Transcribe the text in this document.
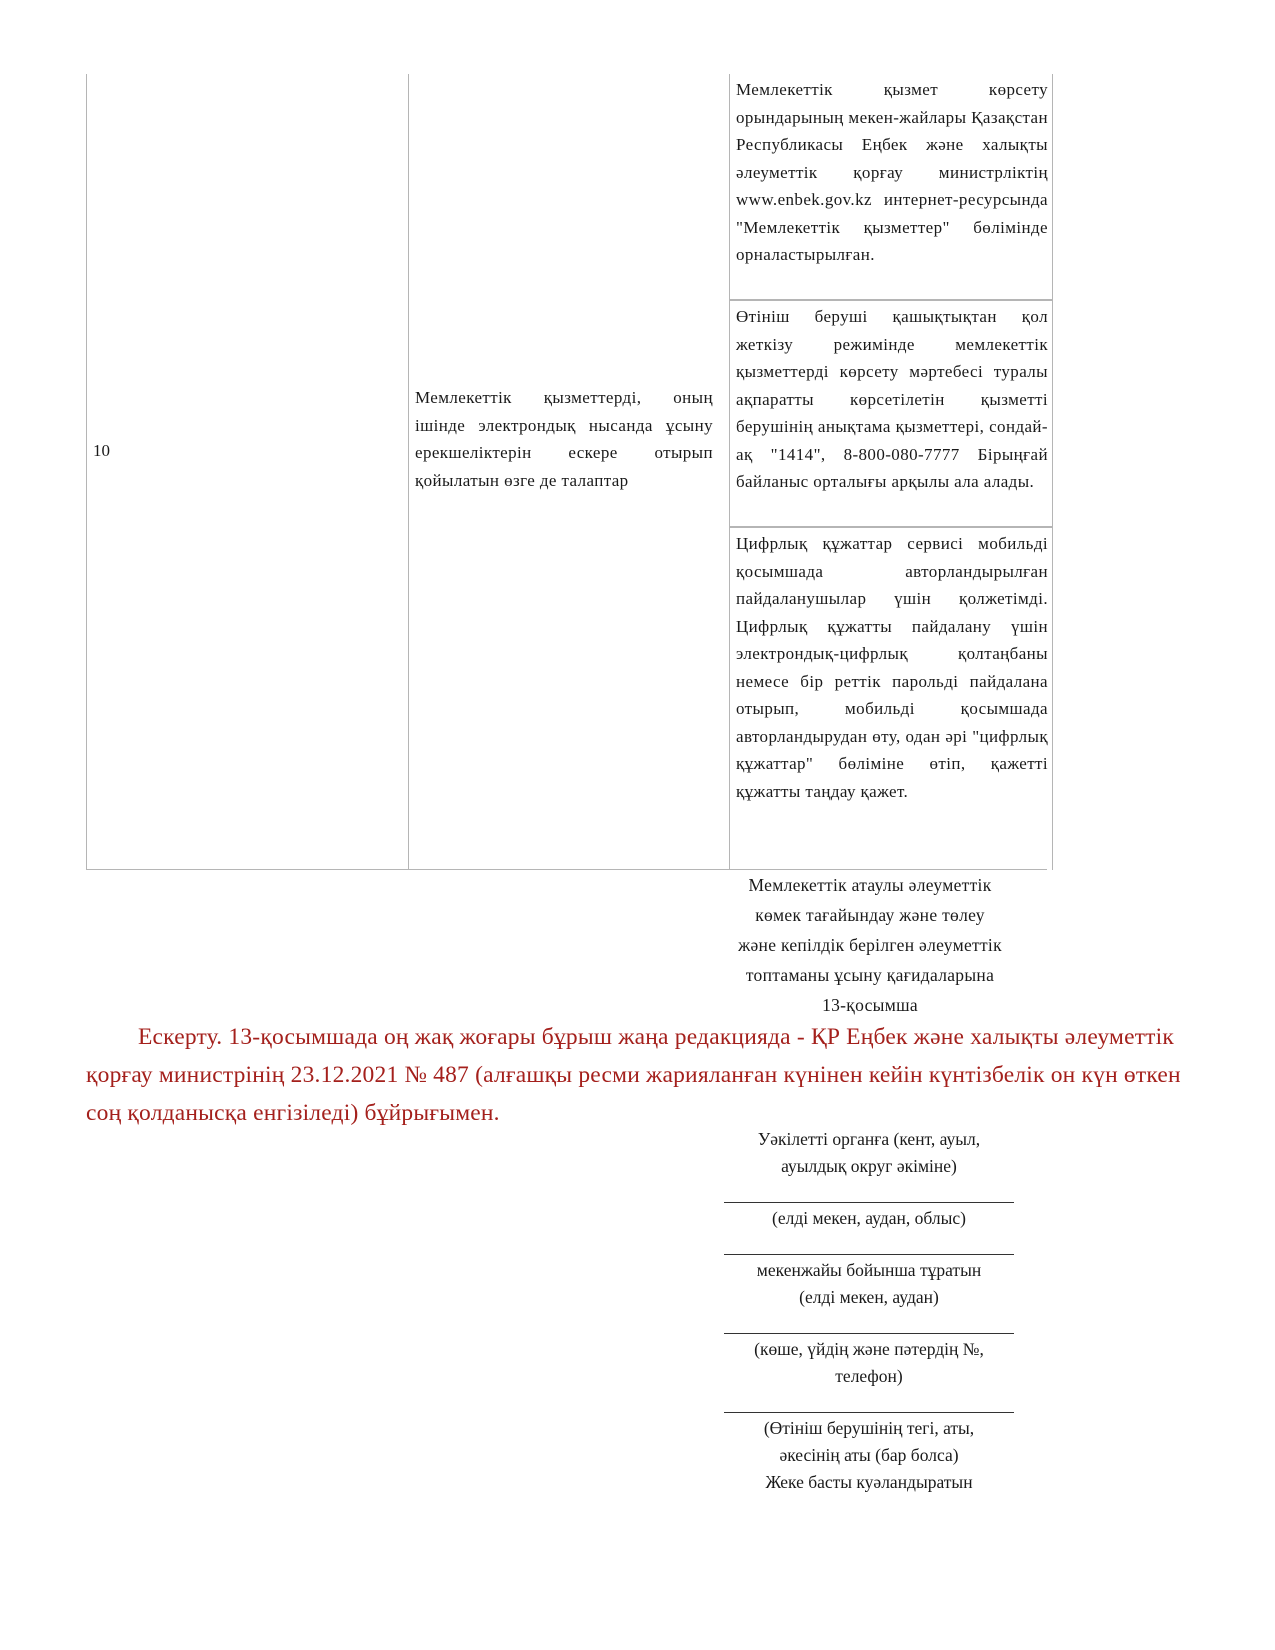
10
Мемлекеттік қызметтерді, оның ішінде электрондық нысанда ұсыну ерекшеліктерін ескере отырып қойылатын өзге де талаптар
Мемлекеттік қызмет көрсету орындарының мекен-жайлары Қазақстан Республикасы Еңбек және халықты әлеуметтік қорғау министрліктің www.enbek.gov.kz интернет-ресурсында "Мемлекеттік қызметтер" бөлімінде орналастырылған.
Өтініш беруші қашықтықтан қол жеткізу режимінде мемлекеттік қызметтерді көрсету мәртебесі туралы ақпаратты көрсетілетін қызметті берушінің анықтама қызметтері, сондай-ақ "1414", 8-800-080-7777 Бірыңғай байланыс орталығы арқылы ала алады.
Цифрлық құжаттар сервисі мобильді қосымшада авторландырылған пайдаланушылар үшін қолжетімді. Цифрлық құжатты пайдалану үшін электрондық-цифрлық қолтаңбаны немесе бір реттік парольді пайдалана отырып, мобильді қосымшада авторландырудан өту, одан әрі "цифрлық құжаттар" бөліміне өтіп, қажетті құжатты таңдау қажет.
Мемлекеттік атаулы әлеуметтік
көмек тағайындау және төлеу
және кепілдік берілген әлеуметтік
топтаманы ұсыну қағидаларына
13-қосымша
Ескерту. 13-қосымшада оң жақ жоғары бұрыш жаңа редакцияда - ҚР Еңбек және халықты әлеуметтік қорғау министрінің 23.12.2021 № 487 (алғашқы ресми жарияланған күнінен кейін күнтізбелік он күн өткен соң қолданысқа енгізіледі) бұйрығымен.
Уәкілетті органға (кент, ауыл,
ауылдық округ әкіміне)
(елді мекен, аудан, облыс)
мекенжайы бойынша тұратын
(елді мекен, аудан)
(көше, үйдің және пәтердің №,
телефон)
(Өтініш берушінің тегі, аты,
әкесінің аты (бар болса)
Жеке басты куәландыратын
